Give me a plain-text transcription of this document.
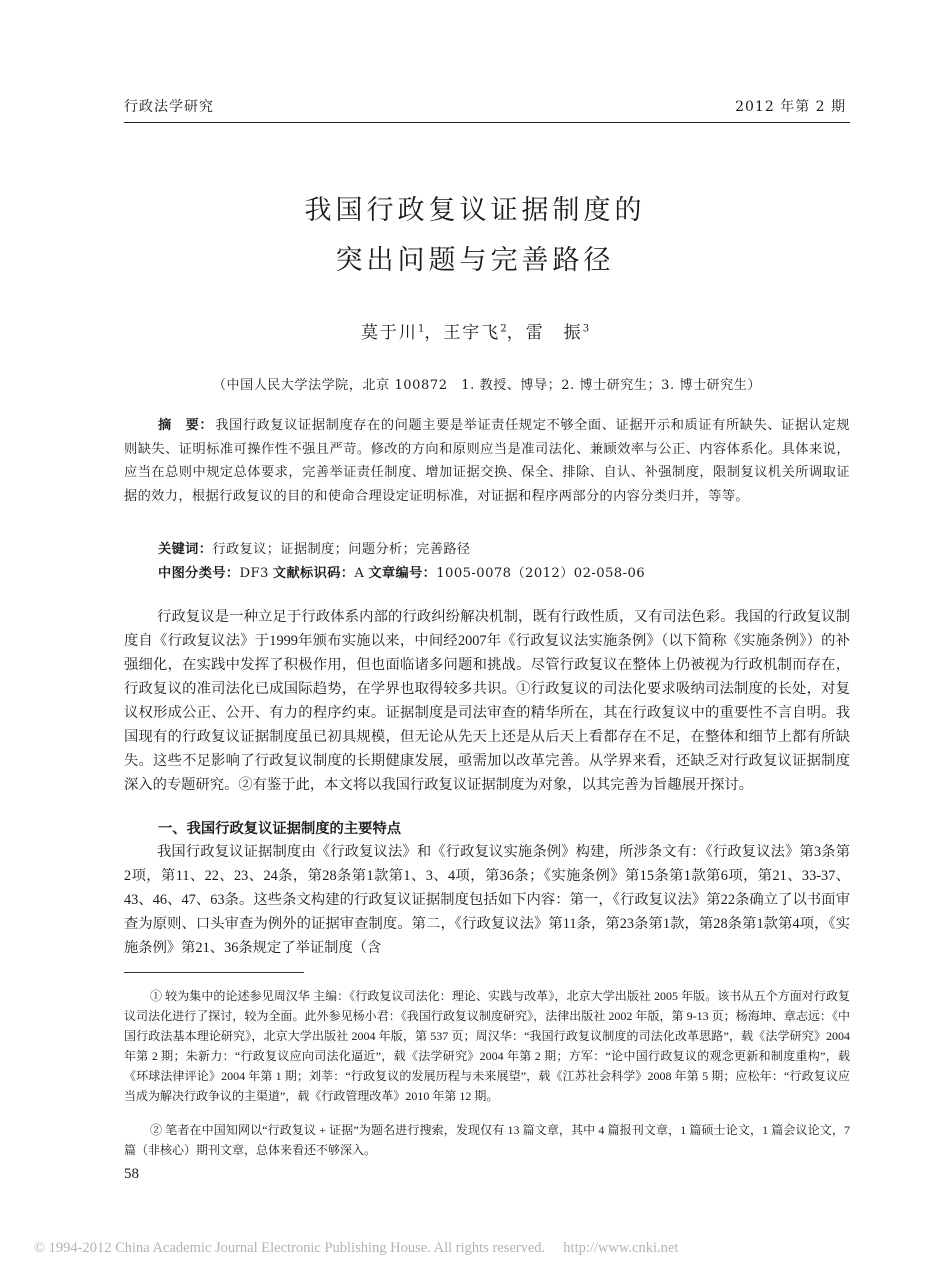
行政法学研究	2012 年第 2 期
我国行政复议证据制度的
突出问题与完善路径
莫于川$^1$，王宇飞$^2$，雷　振$^3$
（中国人民大学法学院，北京 100872　1. 教授、博导；2. 博士研究生；3. 博士研究生）
摘　要： 我国行政复议证据制度存在的问题主要是举证责任规定不够全面、证据开示和质证有所缺失、证据认定规则缺失、证明标准可操作性不强且严苛。修改的方向和原则应当是准司法化、兼顾效率与公正、内容体系化。具体来说，应当在总则中规定总体要求，完善举证责任制度、增加证据交换、保全、排除、自认、补强制度，限制复议机关所调取证据的效力，根据行政复议的目的和使命合理设定证明标准，对证据和程序两部分的内容分类归并，等等。
关键词：行政复议；证据制度；问题分析；完善路径
中图分类号：DF3 文献标识码：A 文章编号：1005-0078（2012）02-058-06
行政复议是一种立足于行政体系内部的行政纠纷解决机制，既有行政性质，又有司法色彩。我国的行政复议制度自《行政复议法》于1999年颁布实施以来，中间经2007年《行政复议法实施条例》（以下简称《实施条例》）的补强细化，在实践中发挥了积极作用，但也面临诸多问题和挑战。尽管行政复议在整体上仍被视为行政机制而存在，行政复议的准司法化已成国际趋势，在学界也取得较多共识。①行政复议的司法化要求吸纳司法制度的长处，对复议权形成公正、公开、有力的程序约束。证据制度是司法审查的精华所在，其在行政复议中的重要性不言自明。我国现有的行政复议证据制度虽已初具规模，但无论从先天上还是从后天上看都存在不足，在整体和细节上都有所缺失。这些不足影响了行政复议制度的长期健康发展，亟需加以改革完善。从学界来看，还缺乏对行政复议证据制度深入的专题研究。②有鉴于此，本文将以我国行政复议证据制度为对象，以其完善为旨趣展开探讨。
一、我国行政复议证据制度的主要特点
我国行政复议证据制度由《行政复议法》和《行政复议实施条例》构建，所涉条文有：《行政复议法》第3条第2项，第11、22、23、24条，第28条第1款第1、3、4项，第36条；《实施条例》第15条第1款第6项，第21、33-37、43、46、47、63条。这些条文构建的行政复议证据制度包括如下内容：第一，《行政复议法》第22条确立了以书面审查为原则、口头审查为例外的证据审查制度。第二，《行政复议法》第11条，第23条第1款，第28条第1款第4项，《实施条例》第21、36条规定了举证制度（含
① 较为集中的论述参见周汉华 主编：《行政复议司法化：理论、实践与改革》，北京大学出版社 2005 年版。该书从五个方面对行政复议司法化进行了探讨，较为全面。此外参见杨小君：《我国行政复议制度研究》，法律出版社 2002 年版，第 9-13 页；杨海坤、章志远：《中国行政法基本理论研究》，北京大学出版社 2004 年版，第 537 页；周汉华：“我国行政复议制度的司法化改革思路”，载《法学研究》2004 年第 2 期；朱新力：“行政复议应向司法化逼近”，载《法学研究》2004 年第 2 期；方军：“论中国行政复议的观念更新和制度重构”，载《环球法律评论》2004 年第 1 期；刘莘：“行政复议的发展历程与未来展望”，载《江苏社会科学》2008 年第 5 期；应松年：“行政复议应当成为解决行政争议的主渠道”，载《行政管理改革》2010 年第 12 期。
② 笔者在中国知网以“行政复议 + 证据”为题名进行搜索，发现仅有 13 篇文章，其中 4 篇报刊文章，1 篇硕士论文，1 篇会议论文，7 篇（非核心）期刊文章，总体来看还不够深入。
58
© 1994-2012 China Academic Journal Electronic Publishing House. All rights reserved.　 http://www.cnki.net
